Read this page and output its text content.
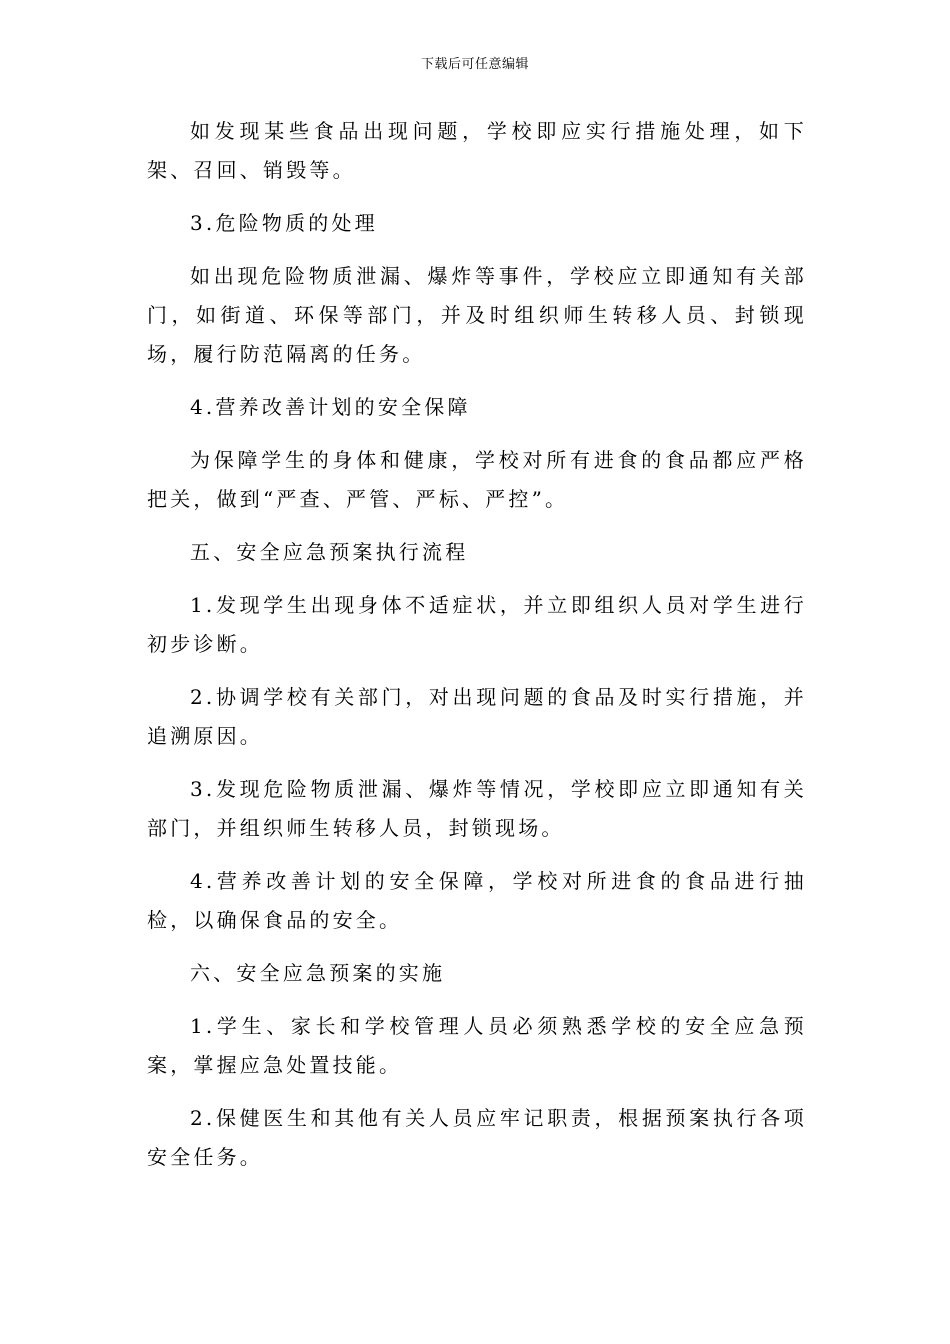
下载后可任意编辑

如发现某些食品出现问题，学校即应实行措施处理，如下架、召回、销毁等。

3.危险物质的处理

如出现危险物质泄漏、爆炸等事件，学校应立即通知有关部门，如街道、环保等部门，并及时组织师生转移人员、封锁现场，履行防范隔离的任务。

4.营养改善计划的安全保障

为保障学生的身体和健康，学校对所有进食的食品都应严格把关，做到“严查、严管、严标、严控”。

五、安全应急预案执行流程

1.发现学生出现身体不适症状，并立即组织人员对学生进行初步诊断。

2.协调学校有关部门，对出现问题的食品及时实行措施，并追溯原因。

3.发现危险物质泄漏、爆炸等情况，学校即应立即通知有关部门，并组织师生转移人员，封锁现场。

4.营养改善计划的安全保障，学校对所进食的食品进行抽检，以确保食品的安全。

六、安全应急预案的实施

1.学生、家长和学校管理人员必须熟悉学校的安全应急预案，掌握应急处置技能。

2.保健医生和其他有关人员应牢记职责，根据预案执行各项安全任务。
